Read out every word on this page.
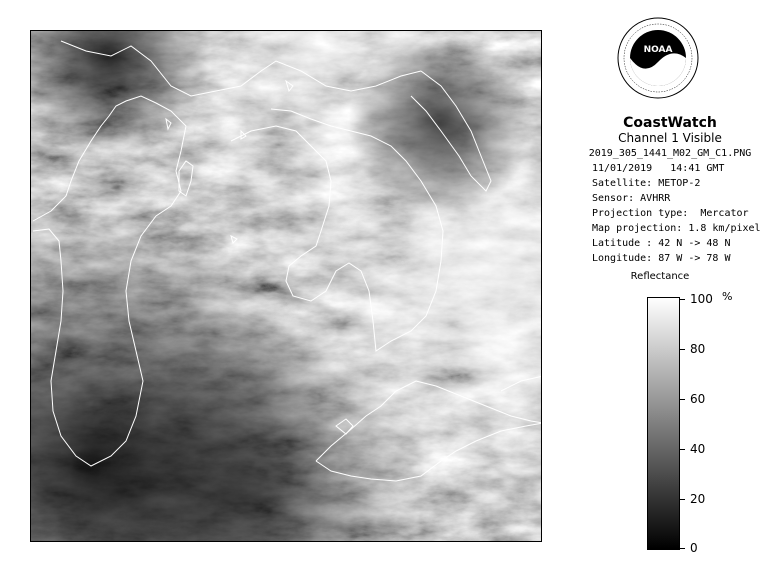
NOAA
CoastWatch
Channel 1 Visible
2019_305_1441_M02_GM_C1.PNG
11/01/2019   14:41 GMT
Satellite: METOP-2
Sensor: AVHRR
Projection type:  Mercator
Map projection: 1.8 km/pixel
Latitude : 42 N -> 48 N
Longitude: 87 W -> 78 W
Reflectance
%
100
80
60
40
20
0
